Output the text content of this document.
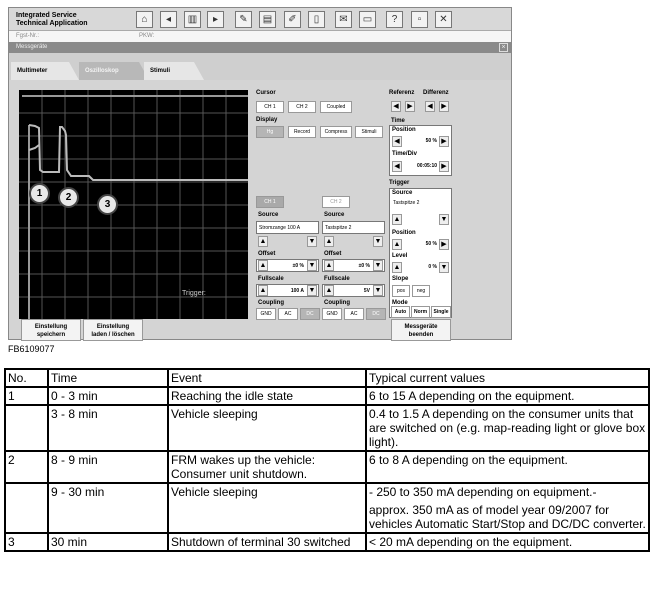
Integrated Service
Technical Application	⌂	◂	▥	▸	✎	▤	✐	▯	✉	▭	?	▫	✕
Fgst-Nr.:	PKW:
Messgeräte	×
Multimeter	Oszilloskop	Stimuli
1	2
3
Trigger:
Cursor
CH 1	CH 2	Coupled
Display
Hg	Record	Compress	Stimuli
CH 1
Source
Stromzange 100 A
▲	▼
Offset
▲	±0 % ▼
Fullscale
▲	100 A ▼
Coupling
GND	AC	DC
CH 2
Source
Tastspitze 2
▲	▼
Offset
▲	±0 % ▼
Fullscale
▲	5V ▼
Coupling
GND	AC	DC
Referenz Differenz
◀	▶	◀	▶
Time
Position
◀	50 % ▶
Time/Div
◀	00:05:10 ▶
Trigger
Source
Tastspitze 2
▲	▼
Position
▲	50 % ▶
Level
▲	0 % ▼
Slope
pos	neg
Mode
Auto	Norm	Single
Einstellung
speichern
Einstellung
laden / löschen
Messgeräte
beenden
FB6109077
No.	Time	Event	Typical current values
1	0 - 3 min	Reaching the idle state	6 to 15 A depending on the equipment.
	3 - 8 min	Vehicle sleeping	0.4 to 1.5 A depending on the consumer units that are switched on (e.g. map-reading light or glove box light).
2	8 - 9 min	FRM wakes up the vehicle: Consumer unit shutdown.	6 to 8 A depending on the equipment.
	9 - 30 min	Vehicle sleeping	- 250 to 350 mA depending on equipment.-
approx. 350 mA as of model year 09/2007 for vehicles Automatic Start/Stop and DC/DC converter.

3	30 min	Shutdown of terminal 30 switched	< 20 mA depending on the equipment.
